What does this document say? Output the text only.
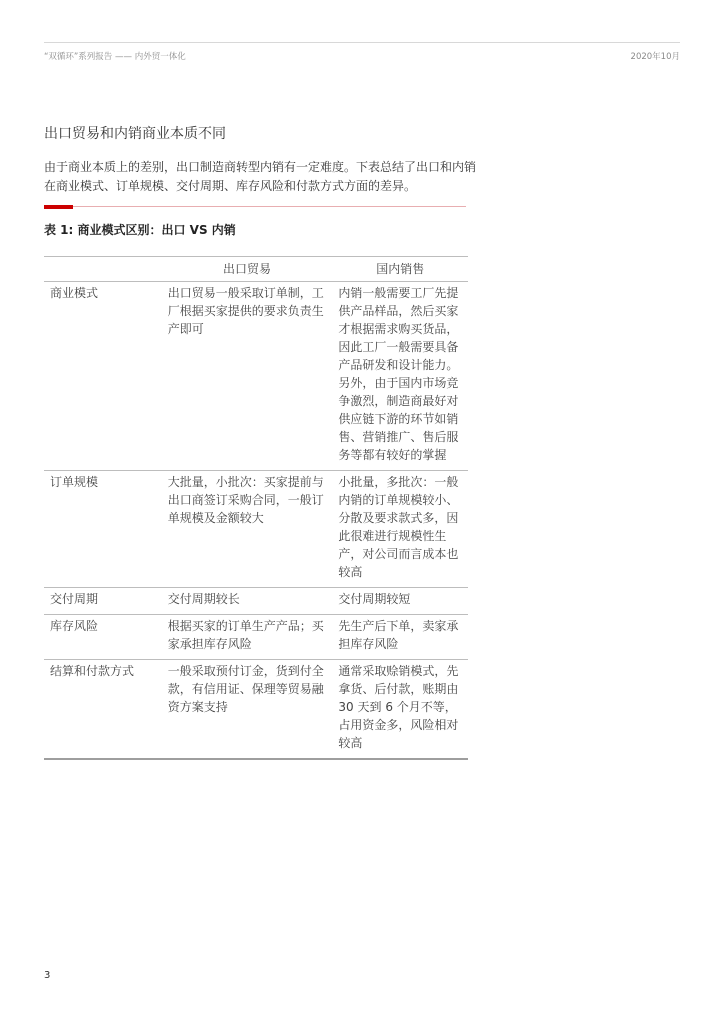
“双循环”系列报告 —— 内外贸一体化	2020年10月
出口贸易和内销商业本质不同
由于商业本质上的差别，出口制造商转型内销有一定难度。下表总结了出口和内销在商业模式、订单规模、交付周期、库存风险和付款方式方面的差异。
表 1: 商业模式区别：出口 VS 内销
	出口贸易	国内销售
商业模式	出口贸易一般采取订单制，工厂根据买家提供的要求负责生产即可	内销一般需要工厂先提供产品样品，然后买家才根据需求购买货品，因此工厂一般需要具备产品研发和设计能力。另外，由于国内市场竞争激烈，制造商最好对供应链下游的环节如销售、营销推广、售后服务等都有较好的掌握
订单规模	大批量，小批次：买家提前与出口商签订采购合同，一般订单规模及金额较大	小批量，多批次：一般内销的订单规模较小、分散及要求款式多，因此很难进行规模性生产，对公司而言成本也较高
交付周期	交付周期较长	交付周期较短
库存风险	根据买家的订单生产产品；买家承担库存风险	先生产后下单，卖家承担库存风险
结算和付款方式	一般采取预付订金，货到付全款，有信用证、保理等贸易融资方案支持	通常采取赊销模式，先拿货、后付款，账期由 30 天到 6 个月不等，占用资金多，风险相对较高
3
